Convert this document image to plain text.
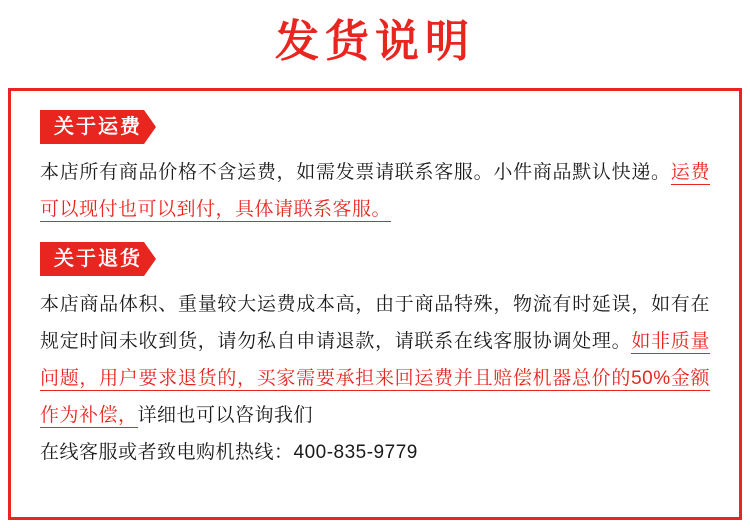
发货说明
关于运费
本店所有商品价格不含运费，如需发票请联系客服。小件商品默认快递。运费可以现付也可以到付，具体请联系客服。
关于退货
本店商品体积、重量较大运费成本高，由于商品特殊，物流有时延误，如有在规定时间未收到货，请勿私自申请退款，请联系在线客服协调处理。如非质量问题，用户要求退货的，买家需要承担来回运费并且赔偿机器总价的50%金额作为补偿，详细也可以咨询我们
在线客服或者致电购机热线：400-835-9779
